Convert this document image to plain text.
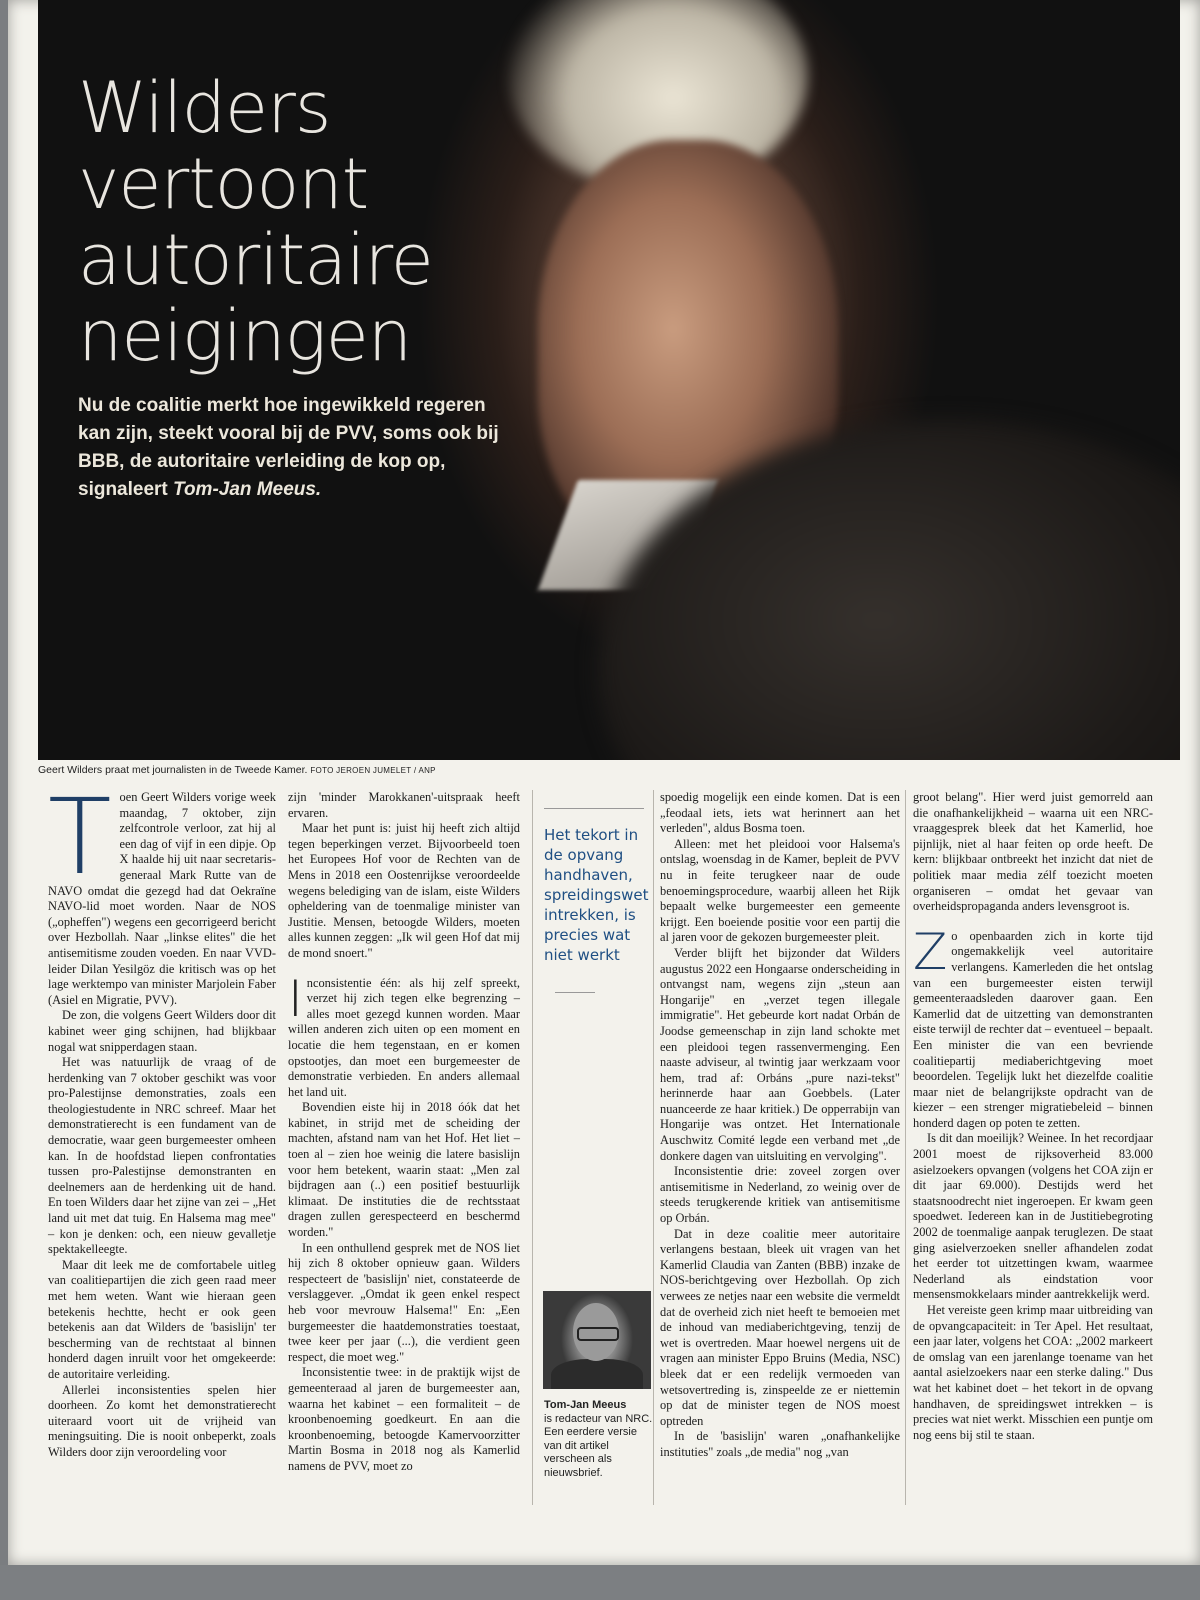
Wilders
vertoont
autoritaire
neigingen
Nu de coalitie merkt hoe ingewikkeld regeren kan zijn, steekt vooral bij de PVV, soms ook bij BBB, de autoritaire verleiding de kop op, signaleert Tom-Jan Meeus.
Geert Wilders praat met journalisten in de Tweede Kamer. FOTO JEROEN JUMELET / ANP

Toen Geert Wilders vorige week maandag, 7 oktober, zijn zelfcontrole verloor, zat hij al een dag of vijf in een dipje. Op X haalde hij uit naar secretaris-generaal Mark Rutte van de NAVO omdat die gezegd had dat Oekraïne NAVO-lid moet worden. Naar de NOS („opheffen") wegens een gecorrigeerd bericht over Hezbollah. Naar „linkse elites" die het antisemitisme zouden voeden. En naar VVD-leider Dilan Yesilgöz die kritisch was op het lage werktempo van minister Marjolein Faber (Asiel en Migratie, PVV).

De zon, die volgens Geert Wilders door dit kabinet weer ging schijnen, had blijkbaar nogal wat snipperdagen staan.

Het was natuurlijk de vraag of de herdenking van 7 oktober geschikt was voor pro-Palestijnse demonstraties, zoals een theologiestudente in NRC schreef. Maar het demonstratierecht is een fundament van de democratie, waar geen burgemeester omheen kan. In de hoofdstad liepen confrontaties tussen pro-Palestijnse demonstranten en deelnemers aan de herdenking uit de hand. En toen Wilders daar het zijne van zei – „Het land uit met dat tuig. En Halsema mag mee" – kon je denken: och, een nieuw gevalletje spektakelleegte.

Maar dit leek me de comfortabele uitleg van coalitiepartijen die zich geen raad meer met hem weten. Want wie hieraan geen betekenis hechtte, hecht er ook geen betekenis aan dat Wilders de 'basislijn' ter bescherming van de rechtstaat al binnen honderd dagen inruilt voor het omgekeerde: de autoritaire verleiding.

Allerlei inconsistenties spelen hier doorheen. Zo komt het demonstratierecht uiteraard voort uit de vrijheid van meningsuiting. Die is nooit onbeperkt, zoals Wilders door zijn veroordeling voor

zijn 'minder Marokkanen'-uitspraak heeft ervaren.

Maar het punt is: juist hij heeft zich altijd tegen beperkingen verzet. Bijvoorbeeld toen het Europees Hof voor de Rechten van de Mens in 2018 een Oostenrijkse veroordeelde wegens belediging van de islam, eiste Wilders opheldering van de toenmalige minister van Justitie. Mensen, betoogde Wilders, moeten alles kunnen zeggen: „Ik wil geen Hof dat mij de mond snoert."

Inconsistentie één: als hij zelf spreekt, verzet hij zich tegen elke begrenzing – alles moet gezegd kunnen worden. Maar willen anderen zich uiten op een moment en locatie die hem tegenstaan, en er komen opstootjes, dan moet een burgemeester de demonstratie verbieden. En anders allemaal het land uit.

Bovendien eiste hij in 2018 óók dat het kabinet, in strijd met de scheiding der machten, afstand nam van het Hof. Het liet – toen al – zien hoe weinig die latere basislijn voor hem betekent, waarin staat: „Men zal bijdragen aan (..) een positief bestuurlijk klimaat. De instituties die de rechtsstaat dragen zullen gerespecteerd en beschermd worden."

In een onthullend gesprek met de NOS liet hij zich 8 oktober opnieuw gaan. Wilders respecteert de 'basislijn' niet, constateerde de verslaggever. „Omdat ik geen enkel respect heb voor mevrouw Halsema!" En: „Een burgemeester die haatdemonstraties toestaat, twee keer per jaar (...), die verdient geen respect, die moet weg."

Inconsistentie twee: in de praktijk wijst de gemeenteraad al jaren de burgemeester aan, waarna het kabinet – een formaliteit – de kroonbenoeming goedkeurt. En aan die kroonbenoeming, betoogde Kamervoorzitter Martin Bosma in 2018 nog als Kamerlid namens de PVV, moet zo

Het tekort in de opvang handhaven, spreidingswet intrekken, is precies wat niet werkt
Tom-Jan Meeus
is redacteur van NRC. Een eerdere versie van dit artikel verscheen als nieuwsbrief.

spoedig mogelijk een einde komen. Dat is een „feodaal iets, iets wat herinnert aan het verleden", aldus Bosma toen.

Alleen: met het pleidooi voor Halsema's ontslag, woensdag in de Kamer, bepleit de PVV nu in feite terugkeer naar de oude benoemingsprocedure, waarbij alleen het Rijk bepaalt welke burgemeester een gemeente krijgt. Een boeiende positie voor een partij die al jaren voor de gekozen burgemeester pleit.

Verder blijft het bijzonder dat Wilders augustus 2022 een Hongaarse onderscheiding in ontvangst nam, wegens zijn „steun aan Hongarije" en „verzet tegen illegale immigratie". Het gebeurde kort nadat Orbán de Joodse gemeenschap in zijn land schokte met een pleidooi tegen rassenvermenging. Een naaste adviseur, al twintig jaar werkzaam voor hem, trad af: Orbáns „pure nazi-tekst" herinnerde haar aan Goebbels. (Later nuanceerde ze haar kritiek.) De opperrabijn van Hongarije was ontzet. Het Internationale Auschwitz Comité legde een verband met „de donkere dagen van uitsluiting en vervolging".

Inconsistentie drie: zoveel zorgen over antisemitisme in Nederland, zo weinig over de steeds terugkerende kritiek van antisemitisme op Orbán.

Dat in deze coalitie meer autoritaire verlangens bestaan, bleek uit vragen van het Kamerlid Claudia van Zanten (BBB) inzake de NOS-berichtgeving over Hezbollah. Op zich verwees ze netjes naar een website die vermeldt dat de overheid zich niet heeft te bemoeien met de inhoud van mediaberichtgeving, tenzij de wet is overtreden. Maar hoewel nergens uit de vragen aan minister Eppo Bruins (Media, NSC) bleek dat er een redelijk vermoeden van wetsovertreding is, zinspeelde ze er niettemin op dat de minister tegen de NOS moest optreden

In de 'basislijn' waren „onafhankelijke instituties" zoals „de media" nog „van

groot belang". Hier werd juist gemorreld aan die onafhankelijkheid – waarna uit een NRC-vraaggesprek bleek dat het Kamerlid, hoe pijnlijk, niet al haar feiten op orde heeft. De kern: blijkbaar ontbreekt het inzicht dat niet de politiek maar media zélf toezicht moeten organiseren – omdat het gevaar van overheidspropaganda anders levensgroot is.

Zo openbaarden zich in korte tijd ongemakkelijk veel autoritaire verlangens. Kamerleden die het ontslag van een burgemeester eisten terwijl gemeenteraadsleden daarover gaan. Een Kamerlid dat de uitzetting van demonstranten eiste terwijl de rechter dat – eventueel – bepaalt. Een minister die van een bevriende coalitiepartij mediaberichtgeving moet beoordelen. Tegelijk lukt het diezelfde coalitie maar niet de belangrijkste opdracht van de kiezer – een strenger migratiebeleid – binnen honderd dagen op poten te zetten.

Is dit dan moeilijk? Weinee. In het recordjaar 2001 moest de rijksoverheid 83.000 asielzoekers opvangen (volgens het COA zijn er dit jaar 69.000). Destijds werd het staatsnoodrecht niet ingeroepen. Er kwam geen spoedwet. Iedereen kan in de Justitiebegroting 2002 de toenmalige aanpak teruglezen. De staat ging asielverzoeken sneller afhandelen zodat het eerder tot uitzettingen kwam, waarmee Nederland als eindstation voor mensensmokkelaars minder aantrekkelijk werd.

Het vereiste geen krimp maar uitbreiding van de opvangcapaciteit: in Ter Apel. Het resultaat, een jaar later, volgens het COA: „2002 markeert de omslag van een jarenlange toename van het aantal asielzoekers naar een sterke daling." Dus wat het kabinet doet – het tekort in de opvang handhaven, de spreidingswet intrekken – is precies wat niet werkt. Misschien een puntje om nog eens bij stil te staan.
